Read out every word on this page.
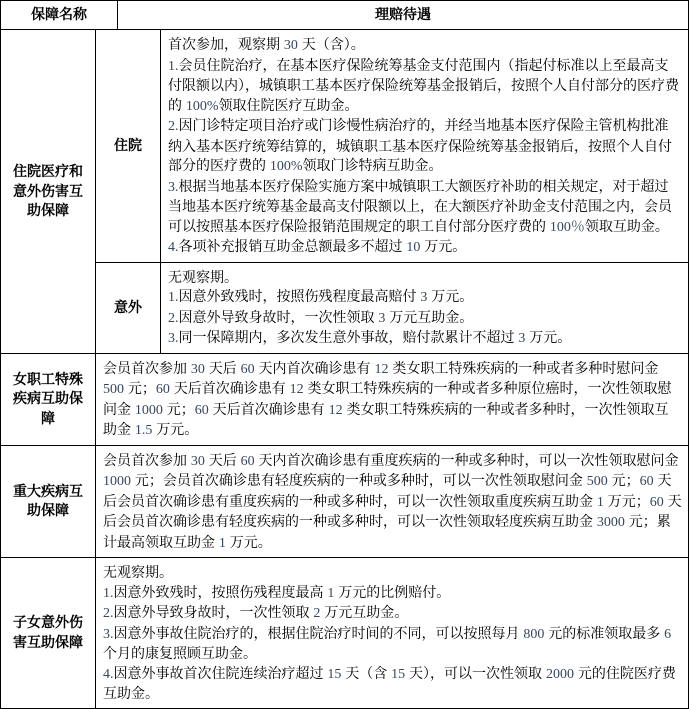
保障名称	理赔待遇
住院医疗和意外伤害互助保障
住院

首次参加，观察期 30 天（含）。

1.会员住院治疗，在基本医疗保险统筹基金支付范围内（指起付标准以上至最高支付限额以内），城镇职工基本医疗保险统筹基金报销后，按照个人自付部分的医疗费的 100%领取住院医疗互助金。

2.因门诊特定项目治疗或门诊慢性病治疗的，并经当地基本医疗保险主管机构批准纳入基本医疗统筹结算的，城镇职工基本医疗保险统筹基金报销后，按照个人自付部分的医疗费的 100%领取门诊特病互助金。

3.根据当地基本医疗保险实施方案中城镇职工大额医疗补助的相关规定，对于超过当地基本医疗统筹基金最高支付限额以上，在大额医疗补助金支付范围之内，会员可以按照基本医疗保险报销范围规定的职工自付部分医疗费的 100％领取互助金。

4.各项补充报销互助金总额最多不超过 10 万元。

意外

无观察期。

1.因意外致残时，按照伤残程度最高赔付 3 万元。

2.因意外导致身故时，一次性领取 3 万元互助金。

3.同一保障期内，多次发生意外事故，赔付款累计不超过 3 万元。

女职工特殊疾病互助保障

会员首次参加 30 天后 60 天内首次确诊患有 12 类女职工特殊疾病的一种或者多种时慰问金 500 元；60 天后首次确诊患有 12 类女职工特殊疾病的一种或者多种原位癌时，一次性领取慰问金 1000 元；60 天后首次确诊患有 12 类女职工特殊疾病的一种或者多种时，一次性领取互助金 1.5 万元。

重大疾病互助保障

会员首次参加 30 天后 60 天内首次确诊患有重度疾病的一种或多种时，可以一次性领取慰问金 1000 元；会员首次确诊患有轻度疾病的一种或多种时，可以一次性领取慰问金 500 元；60 天后会员首次确诊患有重度疾病的一种或多种时，可以一次性领取重度疾病互助金 1 万元；60 天后会员首次确诊患有轻度疾病的一种或多种时，可以一次性领取轻度疾病互助金 3000 元；累计最高领取互助金 1 万元。

子女意外伤害互助保障

无观察期。

1.因意外致残时，按照伤残程度最高 1 万元的比例赔付。

2.因意外导致身故时，一次性领取 2 万元互助金。

3.因意外事故住院治疗的，根据住院治疗时间的不同，可以按照每月 800 元的标准领取最多 6 个月的康复照顾互助金。

4.因意外事故首次住院连续治疗超过 15 天（含 15 天），可以一次性领取 2000 元的住院医疗费互助金。
